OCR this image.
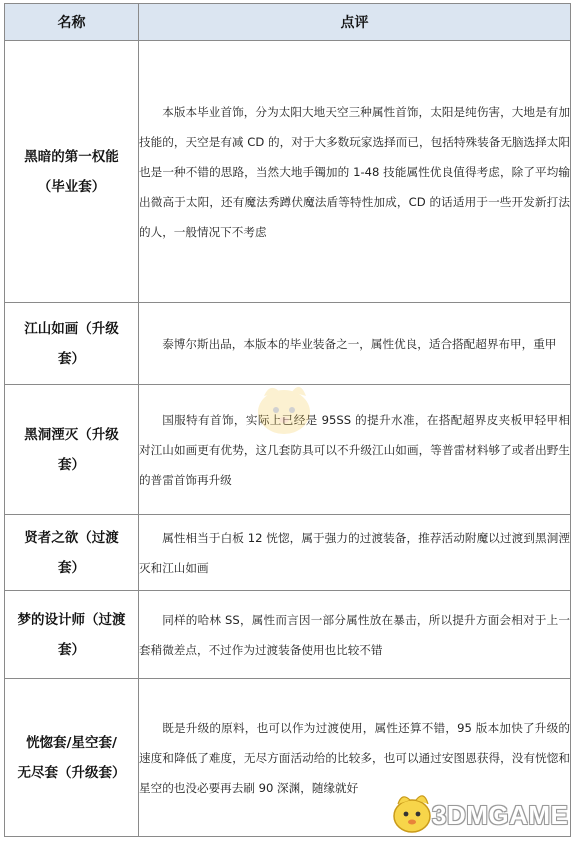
名称	点评

黑暗的第一权能
（毕业套）	本版本毕业首饰，分为太阳大地天空三种属性首饰，太阳是纯伤害，大地是有加技能的，天空是有减 CD 的，对于大多数玩家选择而已，包括特殊装备无脑选择太阳也是一种不错的思路，当然大地手镯加的 1-48 技能属性优良值得考虑，除了平均输出微高于太阳，还有魔法秀蹲伏魔法盾等特性加成，CD 的话适用于一些开发新打法的人，一般情况下不考虑

江山如画（升级
套）	泰博尔斯出品，本版本的毕业装备之一，属性优良，适合搭配超界布甲，重甲

黑洞湮灭（升级
套）	国服特有首饰，实际上已经是 95SS 的提升水准，在搭配超界皮夹板甲轻甲相对江山如画更有优势，这几套防具可以不升级江山如画，等普雷材料够了或者出野生的普雷首饰再升级

贤者之欲（过渡
套）	属性相当于白板 12 恍惚，属于强力的过渡装备，推荐活动附魔以过渡到黑洞湮灭和江山如画

梦的设计师（过渡
套）	同样的哈林 SS，属性而言因一部分属性放在暴击，所以提升方面会相对于上一套稍微差点，不过作为过渡装备使用也比较不错

恍惚套/星空套/
无尽套（升级套）	既是升级的原料，也可以作为过渡使用，属性还算不错，95 版本加快了升级的速度和降低了难度，无尽方面活动给的比较多，也可以通过安图恩获得，没有恍惚和星空的也没必要再去刷 90 深渊，随缘就好
3DMGAME
